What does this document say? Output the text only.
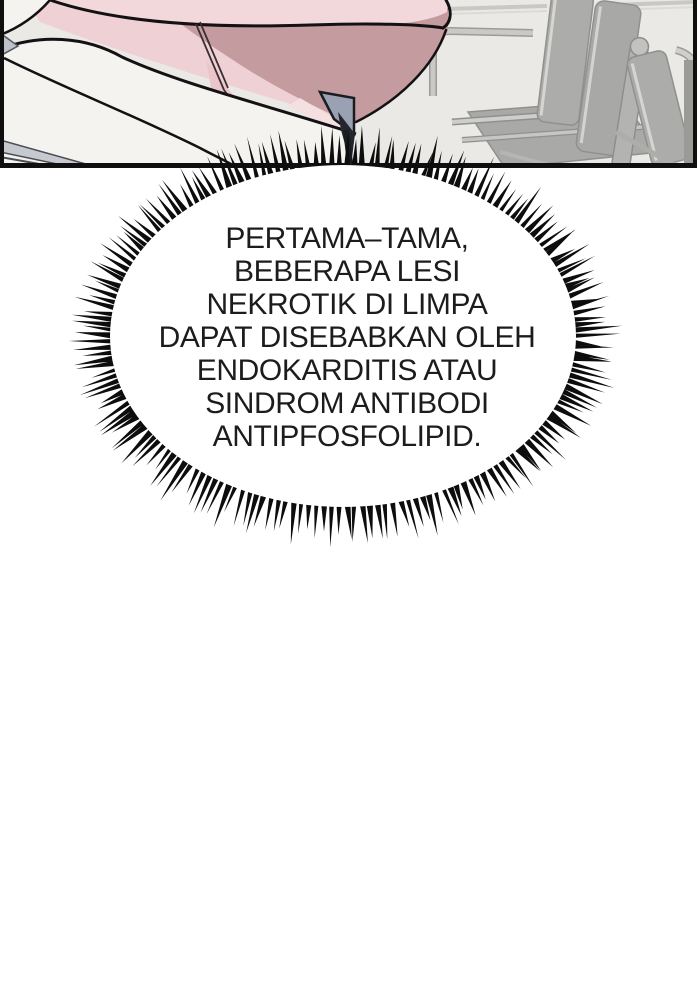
PERTAMA–TAMA,
BEBERAPA LESI
NEKROTIK DI LIMPA
DAPAT DISEBABKAN OLEH
ENDOKARDITIS ATAU
SINDROM ANTIBODI
ANTIPFOSFOLIPID.
